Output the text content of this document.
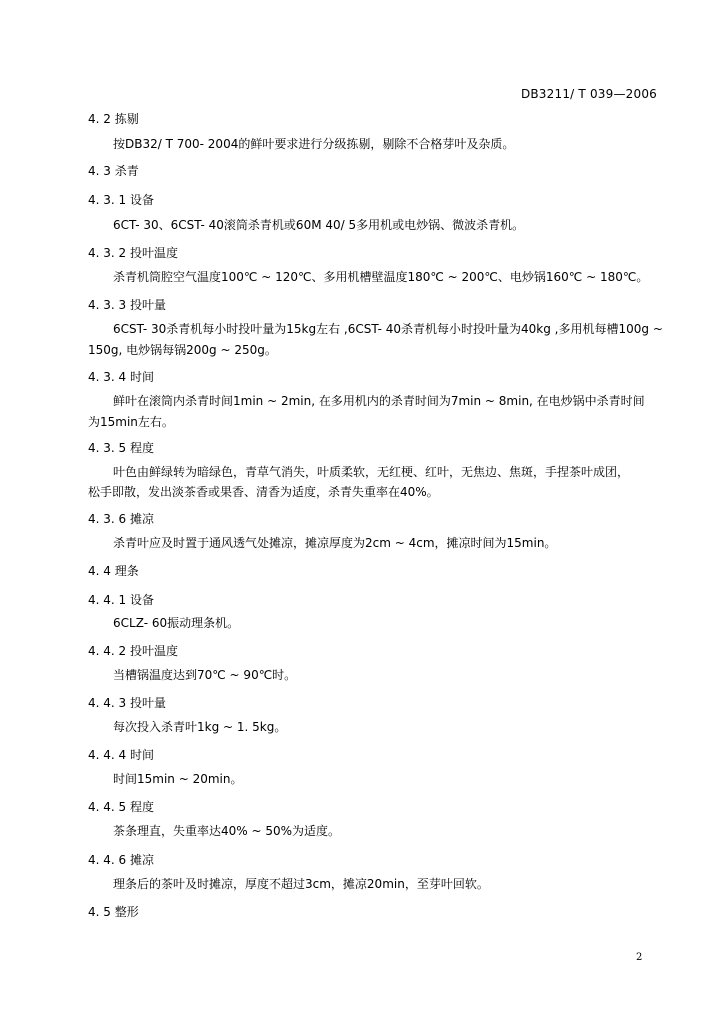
DB3211/ T 039—2006
4. 2 拣剔
按DB32/ T 700- 2004的鲜叶要求进行分级拣剔，剔除不合格芽叶及杂质。
4. 3 杀青
4. 3. 1 设备
6CT- 30、6CST- 40滚筒杀青机或60M 40/ 5多用机或电炒锅、微波杀青机。
4. 3. 2 投叶温度
杀青机筒腔空气温度100℃ ~ 120℃、多用机槽壁温度180℃ ~ 200℃、电炒锅160℃ ~ 180℃。
4. 3. 3 投叶量
6CST- 30杀青机每小时投叶量为15kg左右 ,6CST- 40杀青机每小时投叶量为40kg ,多用机每槽100g ~
150g, 电炒锅每锅200g ~ 250g。
4. 3. 4 时间
鲜叶在滚筒内杀青时间1min ~ 2min, 在多用机内的杀青时间为7min ~ 8min, 在电炒锅中杀青时间
为15min左右。
4. 3. 5 程度
叶色由鲜绿转为暗绿色，青草气消失，叶质柔软，无红梗、红叶，无焦边、焦斑，手捏茶叶成团，
松手即散，发出淡茶香或果香、清香为适度，杀青失重率在40%。
4. 3. 6 摊凉
杀青叶应及时置于通风透气处摊凉，摊凉厚度为2cm ~ 4cm，摊凉时间为15min。
4. 4 理条
4. 4. 1 设备
6CLZ- 60振动理条机。
4. 4. 2 投叶温度
当槽锅温度达到70℃ ~ 90℃时。
4. 4. 3 投叶量
每次投入杀青叶1kg ~ 1. 5kg。
4. 4. 4 时间
时间15min ~ 20min。
4. 4. 5 程度
茶条理直，失重率达40% ~ 50%为适度。
4. 4. 6 摊凉
理条后的茶叶及时摊凉，厚度不超过3cm，摊凉20min，至芽叶回软。
4. 5 整形
2
